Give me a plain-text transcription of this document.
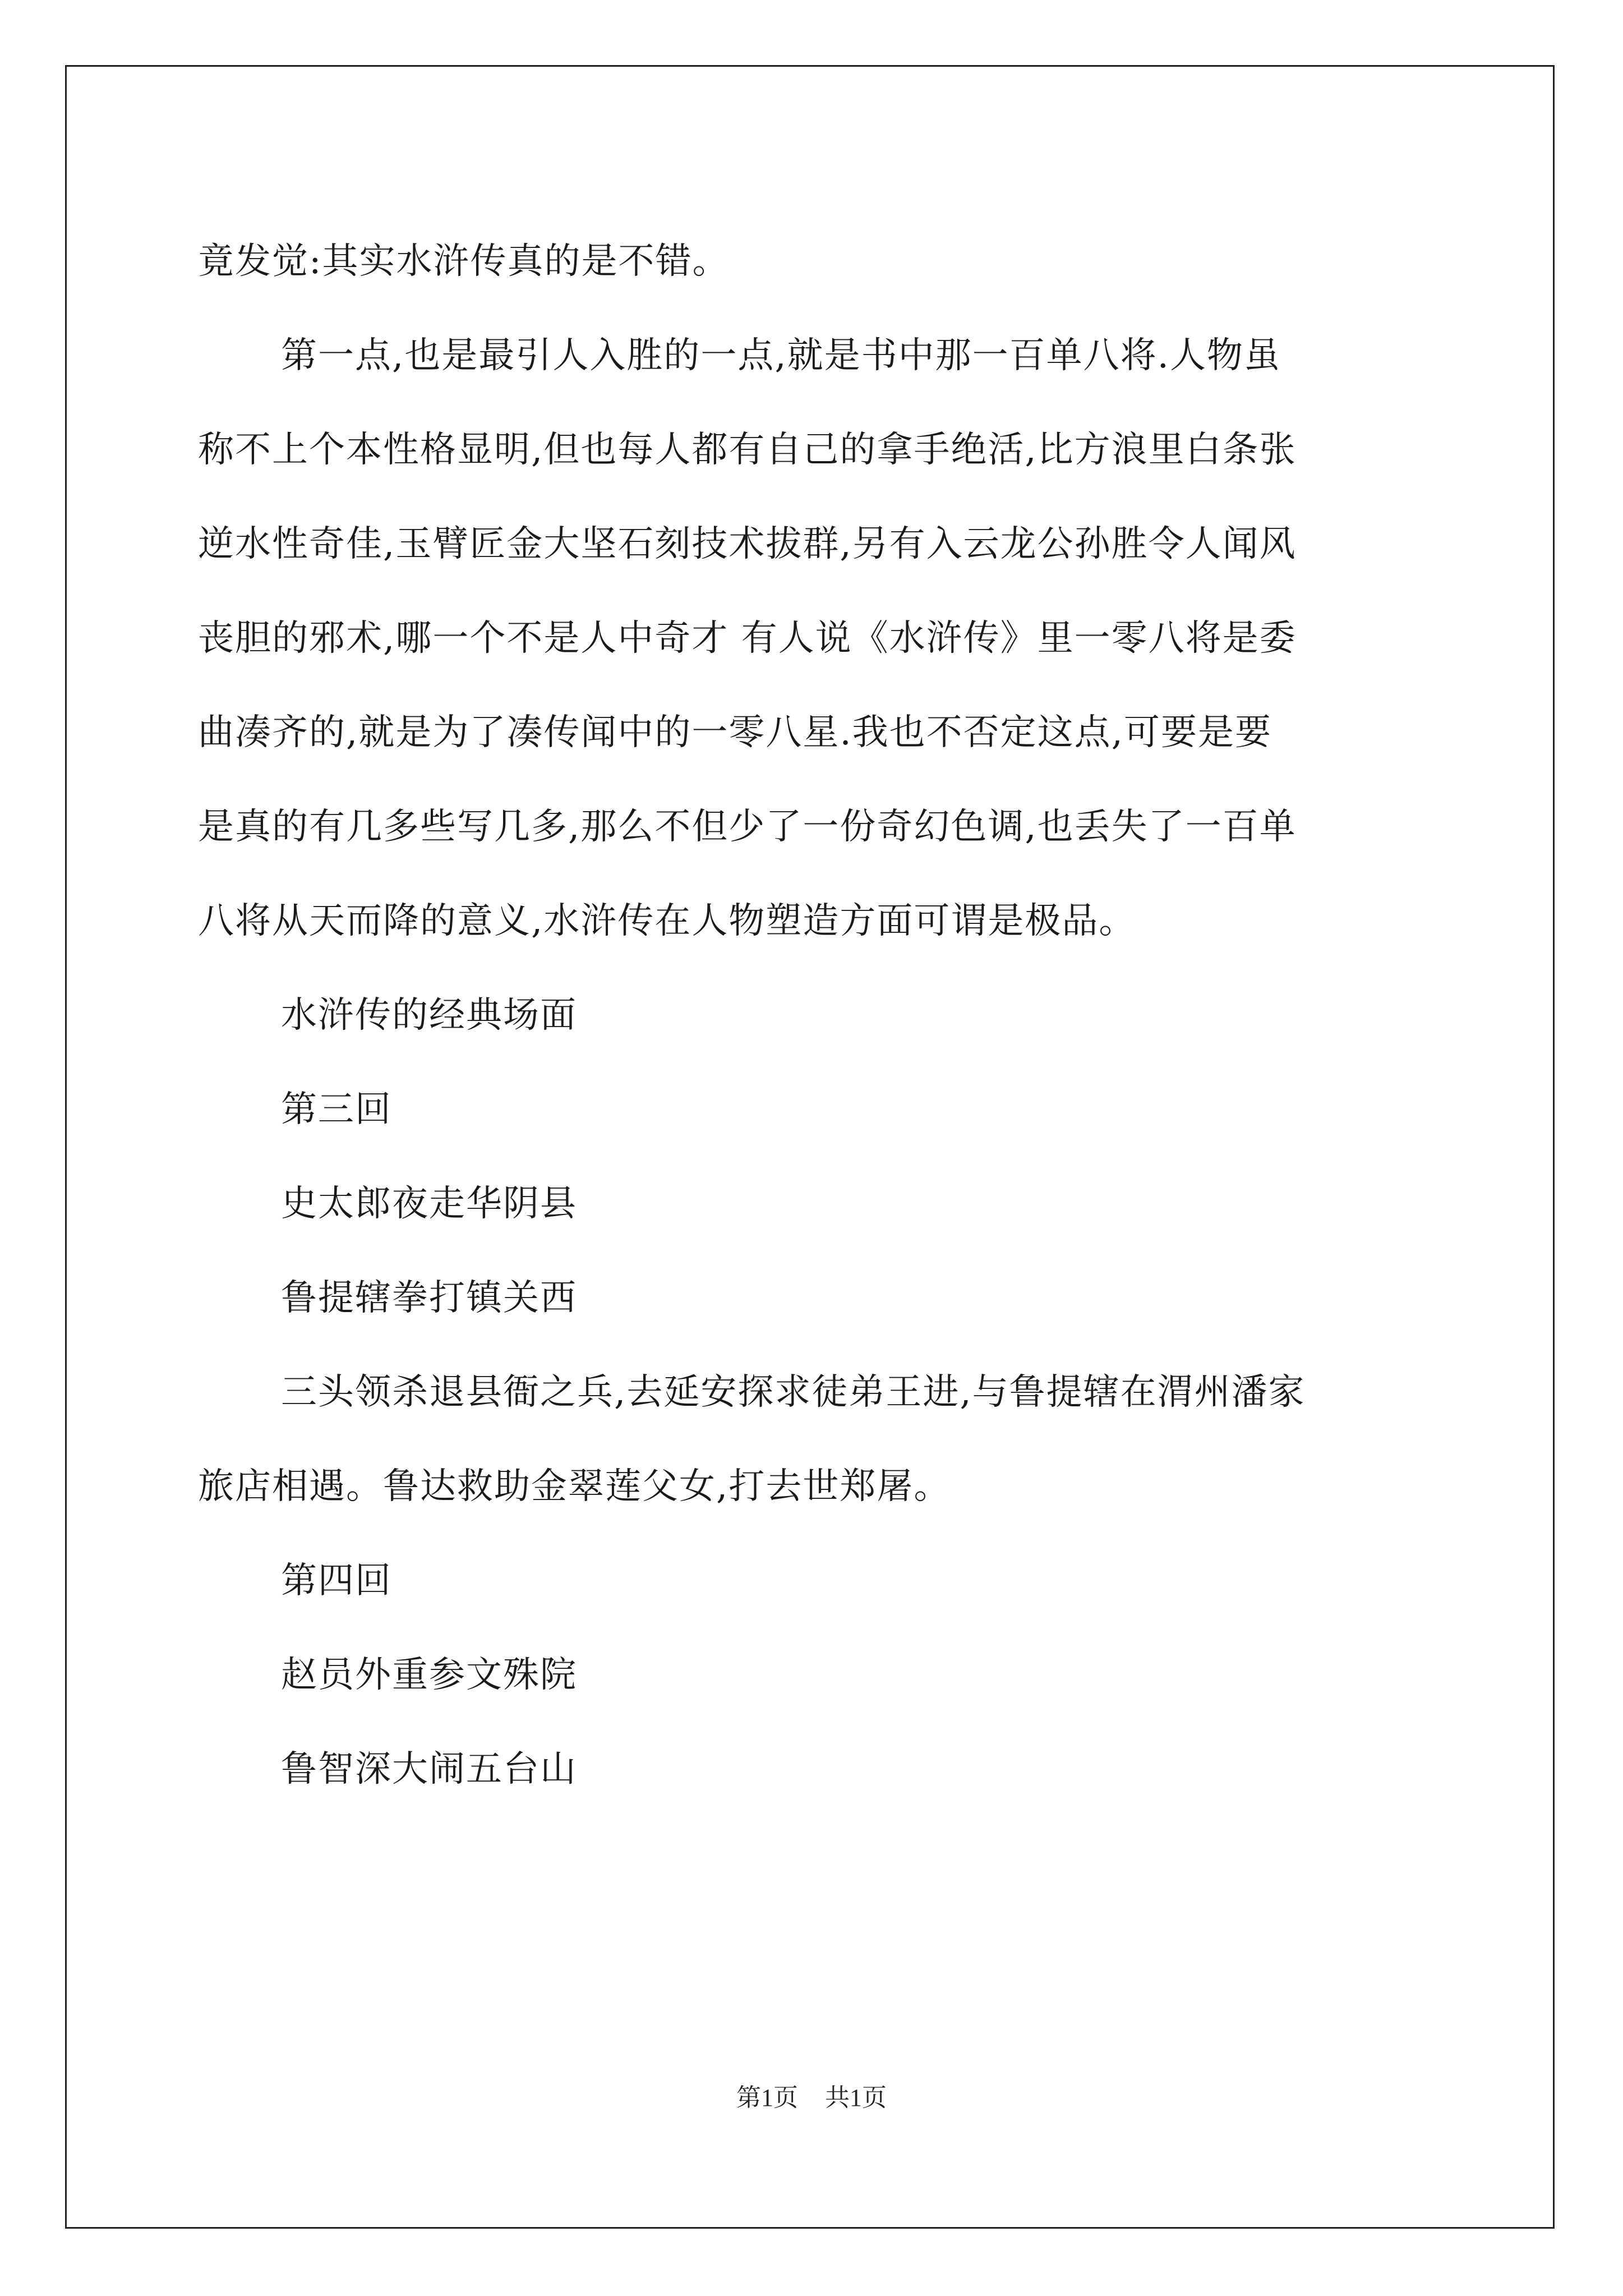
竟发觉:其实水浒传真的是不错。
第一点,也是最引人入胜的一点,就是书中那一百单八将.人物虽
称不上个本性格显明,但也每人都有自己的拿手绝活,比方浪里白条张
逆水性奇佳,玉臂匠金大坚石刻技术拔群,另有入云龙公孙胜令人闻风
丧胆的邪术,哪一个不是人中奇才 有人说《水浒传》里一零八将是委
曲凑齐的,就是为了凑传闻中的一零八星.我也不否定这点,可要是要
是真的有几多些写几多,那么不但少了一份奇幻色调,也丢失了一百单
八将从天而降的意义,水浒传在人物塑造方面可谓是极品。
水浒传的经典场面
第三回
史太郎夜走华阴县
鲁提辖拳打镇关西
三头领杀退县衙之兵,去延安探求徒弟王进,与鲁提辖在渭州潘家
旅店相遇。鲁达救助金翠莲父女,打去世郑屠。
第四回
赵员外重参文殊院
鲁智深大闹五台山
第1页 共1页
